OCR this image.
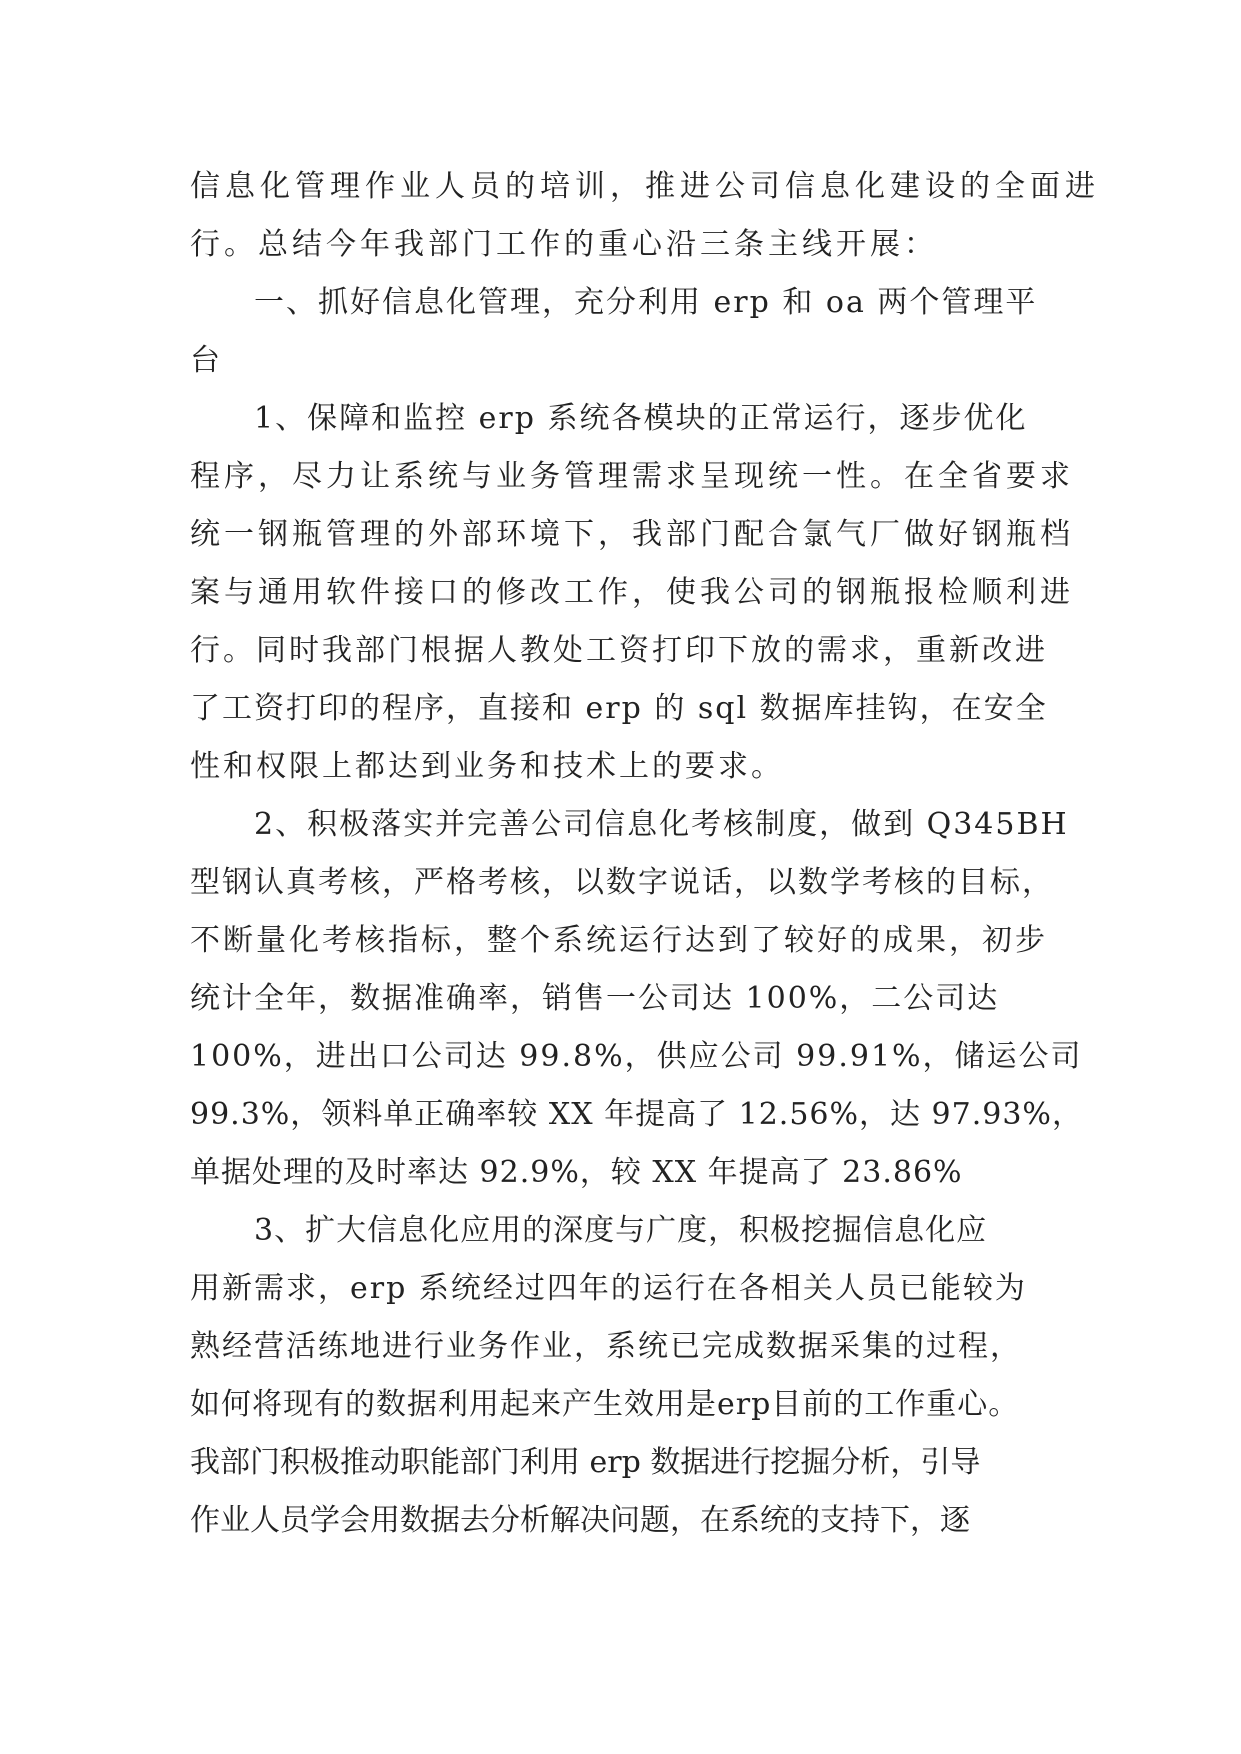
信息化管理作业人员的培训，推进公司信息化建设的全面进
行。总结今年我部门工作的重心沿三条主线开展：
一、抓好信息化管理，充分利用 erp 和 oa 两个管理平
台
1、保障和监控 erp 系统各模块的正常运行，逐步优化
程序，尽力让系统与业务管理需求呈现统一性。在全省要求
统一钢瓶管理的外部环境下，我部门配合氯气厂做好钢瓶档
案与通用软件接口的修改工作，使我公司的钢瓶报检顺利进
行。同时我部门根据人教处工资打印下放的需求，重新改进
了工资打印的程序，直接和 erp 的 sql 数据库挂钩，在安全
性和权限上都达到业务和技术上的要求。
2、积极落实并完善公司信息化考核制度，做到 Q345BH
型钢认真考核，严格考核，以数字说话，以数学考核的目标，
不断量化考核指标，整个系统运行达到了较好的成果，初步
统计全年，数据准确率，销售一公司达 100%，二公司达
100%，进出口公司达 99.8%，供应公司 99.91%，储运公司
99.3%，领料单正确率较 XX 年提高了 12.56%，达 97.93%，
单据处理的及时率达 92.9%，较 XX 年提高了 23.86%
3、扩大信息化应用的深度与广度，积极挖掘信息化应
用新需求，erp 系统经过四年的运行在各相关人员已能较为
熟经营活练地进行业务作业，系统已完成数据采集的过程，
如何将现有的数据利用起来产生效用是erp目前的工作重心。
我部门积极推动职能部门利用 erp 数据进行挖掘分析，引导
作业人员学会用数据去分析解决问题，在系统的支持下，逐
